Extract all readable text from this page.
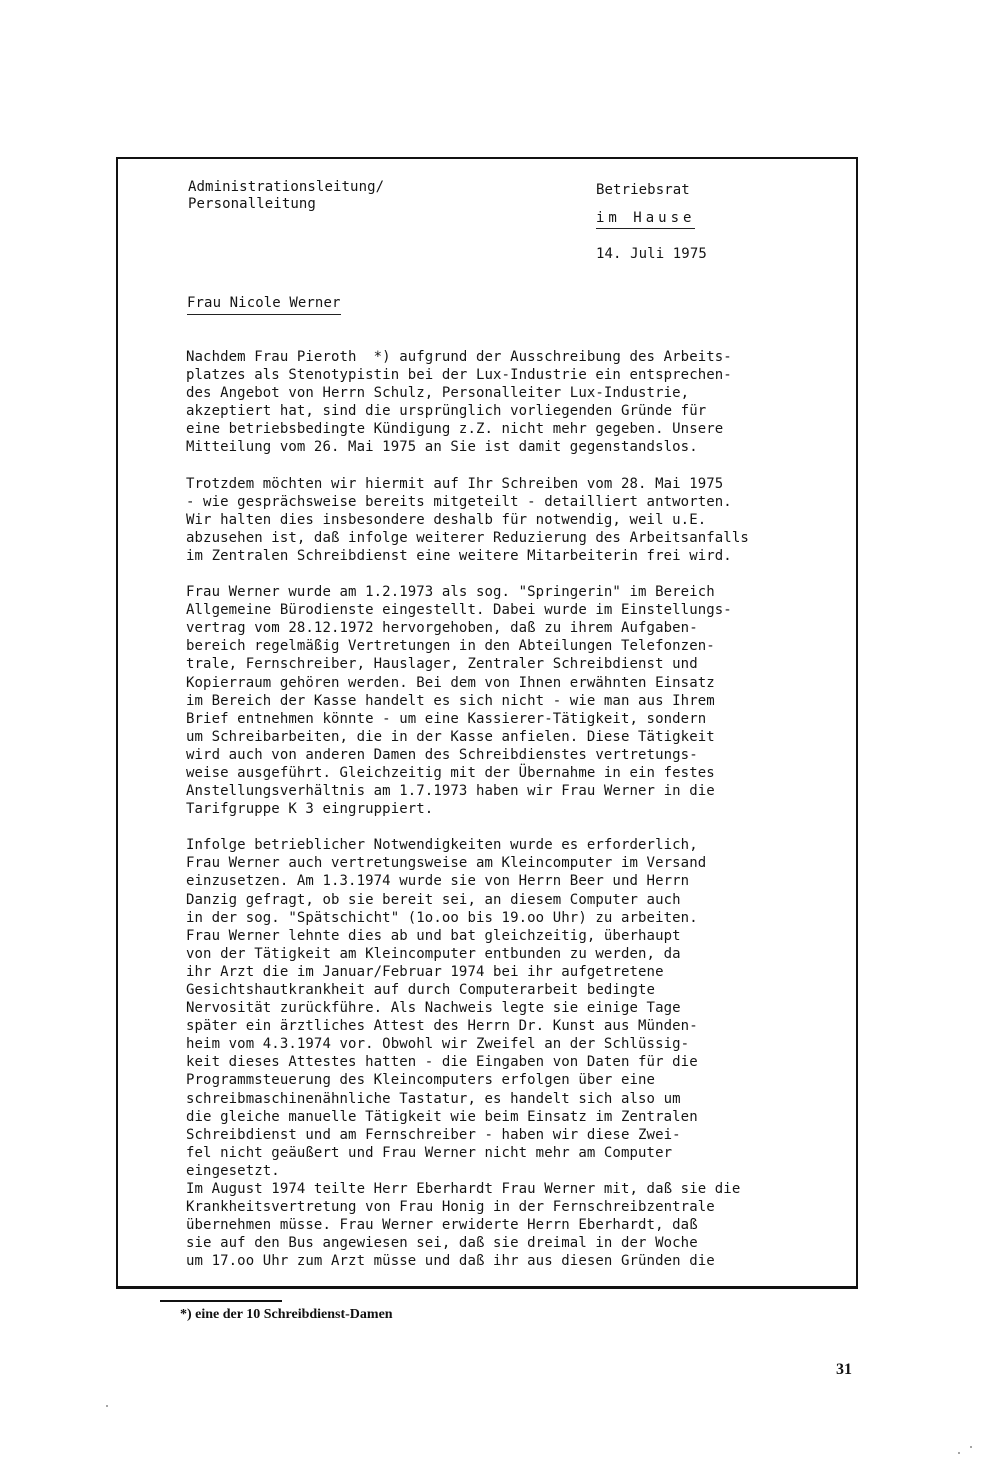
Administrationsleitung/
Personalleitung
Betriebsrat
im Hause
14. Juli 1975
Frau Nicole Werner
Nachdem Frau Pieroth  *) aufgrund der Ausschreibung des Arbeits-
platzes als Stenotypistin bei der Lux-Industrie ein entsprechen-
des Angebot von Herrn Schulz, Personalleiter Lux-Industrie,
akzeptiert hat, sind die ursprünglich vorliegenden Gründe für
eine betriebsbedingte Kündigung z.Z. nicht mehr gegeben. Unsere
Mitteilung vom 26. Mai 1975 an Sie ist damit gegenstandslos.
Trotzdem möchten wir hiermit auf Ihr Schreiben vom 28. Mai 1975
- wie gesprächsweise bereits mitgeteilt - detailliert antworten.
Wir halten dies insbesondere deshalb für notwendig, weil u.E.
abzusehen ist, daß infolge weiterer Reduzierung des Arbeitsanfalls
im Zentralen Schreibdienst eine weitere Mitarbeiterin frei wird.
Frau Werner wurde am 1.2.1973 als sog. "Springerin" im Bereich
Allgemeine Bürodienste eingestellt. Dabei wurde im Einstellungs-
vertrag vom 28.12.1972 hervorgehoben, daß zu ihrem Aufgaben-
bereich regelmäßig Vertretungen in den Abteilungen Telefonzen-
trale, Fernschreiber, Hauslager, Zentraler Schreibdienst und
Kopierraum gehören werden. Bei dem von Ihnen erwähnten Einsatz
im Bereich der Kasse handelt es sich nicht - wie man aus Ihrem
Brief entnehmen könnte - um eine Kassierer-Tätigkeit, sondern
um Schreibarbeiten, die in der Kasse anfielen. Diese Tätigkeit
wird auch von anderen Damen des Schreibdienstes vertretungs-
weise ausgeführt. Gleichzeitig mit der Übernahme in ein festes
Anstellungsverhältnis am 1.7.1973 haben wir Frau Werner in die
Tarifgruppe K 3 eingruppiert.
Infolge betrieblicher Notwendigkeiten wurde es erforderlich,
Frau Werner auch vertretungsweise am Kleincomputer im Versand
einzusetzen. Am 1.3.1974 wurde sie von Herrn Beer und Herrn
Danzig gefragt, ob sie bereit sei, an diesem Computer auch
in der sog. "Spätschicht" (1o.oo bis 19.oo Uhr) zu arbeiten.
Frau Werner lehnte dies ab und bat gleichzeitig, überhaupt
von der Tätigkeit am Kleincomputer entbunden zu werden, da
ihr Arzt die im Januar/Februar 1974 bei ihr aufgetretene
Gesichtshautkrankheit auf durch Computerarbeit bedingte
Nervosität zurückführe. Als Nachweis legte sie einige Tage
später ein ärztliches Attest des Herrn Dr. Kunst aus Münden-
heim vom 4.3.1974 vor. Obwohl wir Zweifel an der Schlüssig-
keit dieses Attestes hatten - die Eingaben von Daten für die
Programmsteuerung des Kleincomputers erfolgen über eine
schreibmaschinenähnliche Tastatur, es handelt sich also um
die gleiche manuelle Tätigkeit wie beim Einsatz im Zentralen
Schreibdienst und am Fernschreiber - haben wir diese Zwei-
fel nicht geäußert und Frau Werner nicht mehr am Computer
eingesetzt.
Im August 1974 teilte Herr Eberhardt Frau Werner mit, daß sie die
Krankheitsvertretung von Frau Honig in der Fernschreibzentrale
übernehmen müsse. Frau Werner erwiderte Herrn Eberhardt, daß
sie auf den Bus angewiesen sei, daß sie dreimal in der Woche
um 17.oo Uhr zum Arzt müsse und daß ihr aus diesen Gründen die
*) eine der 10 Schreibdienst-Damen
31
